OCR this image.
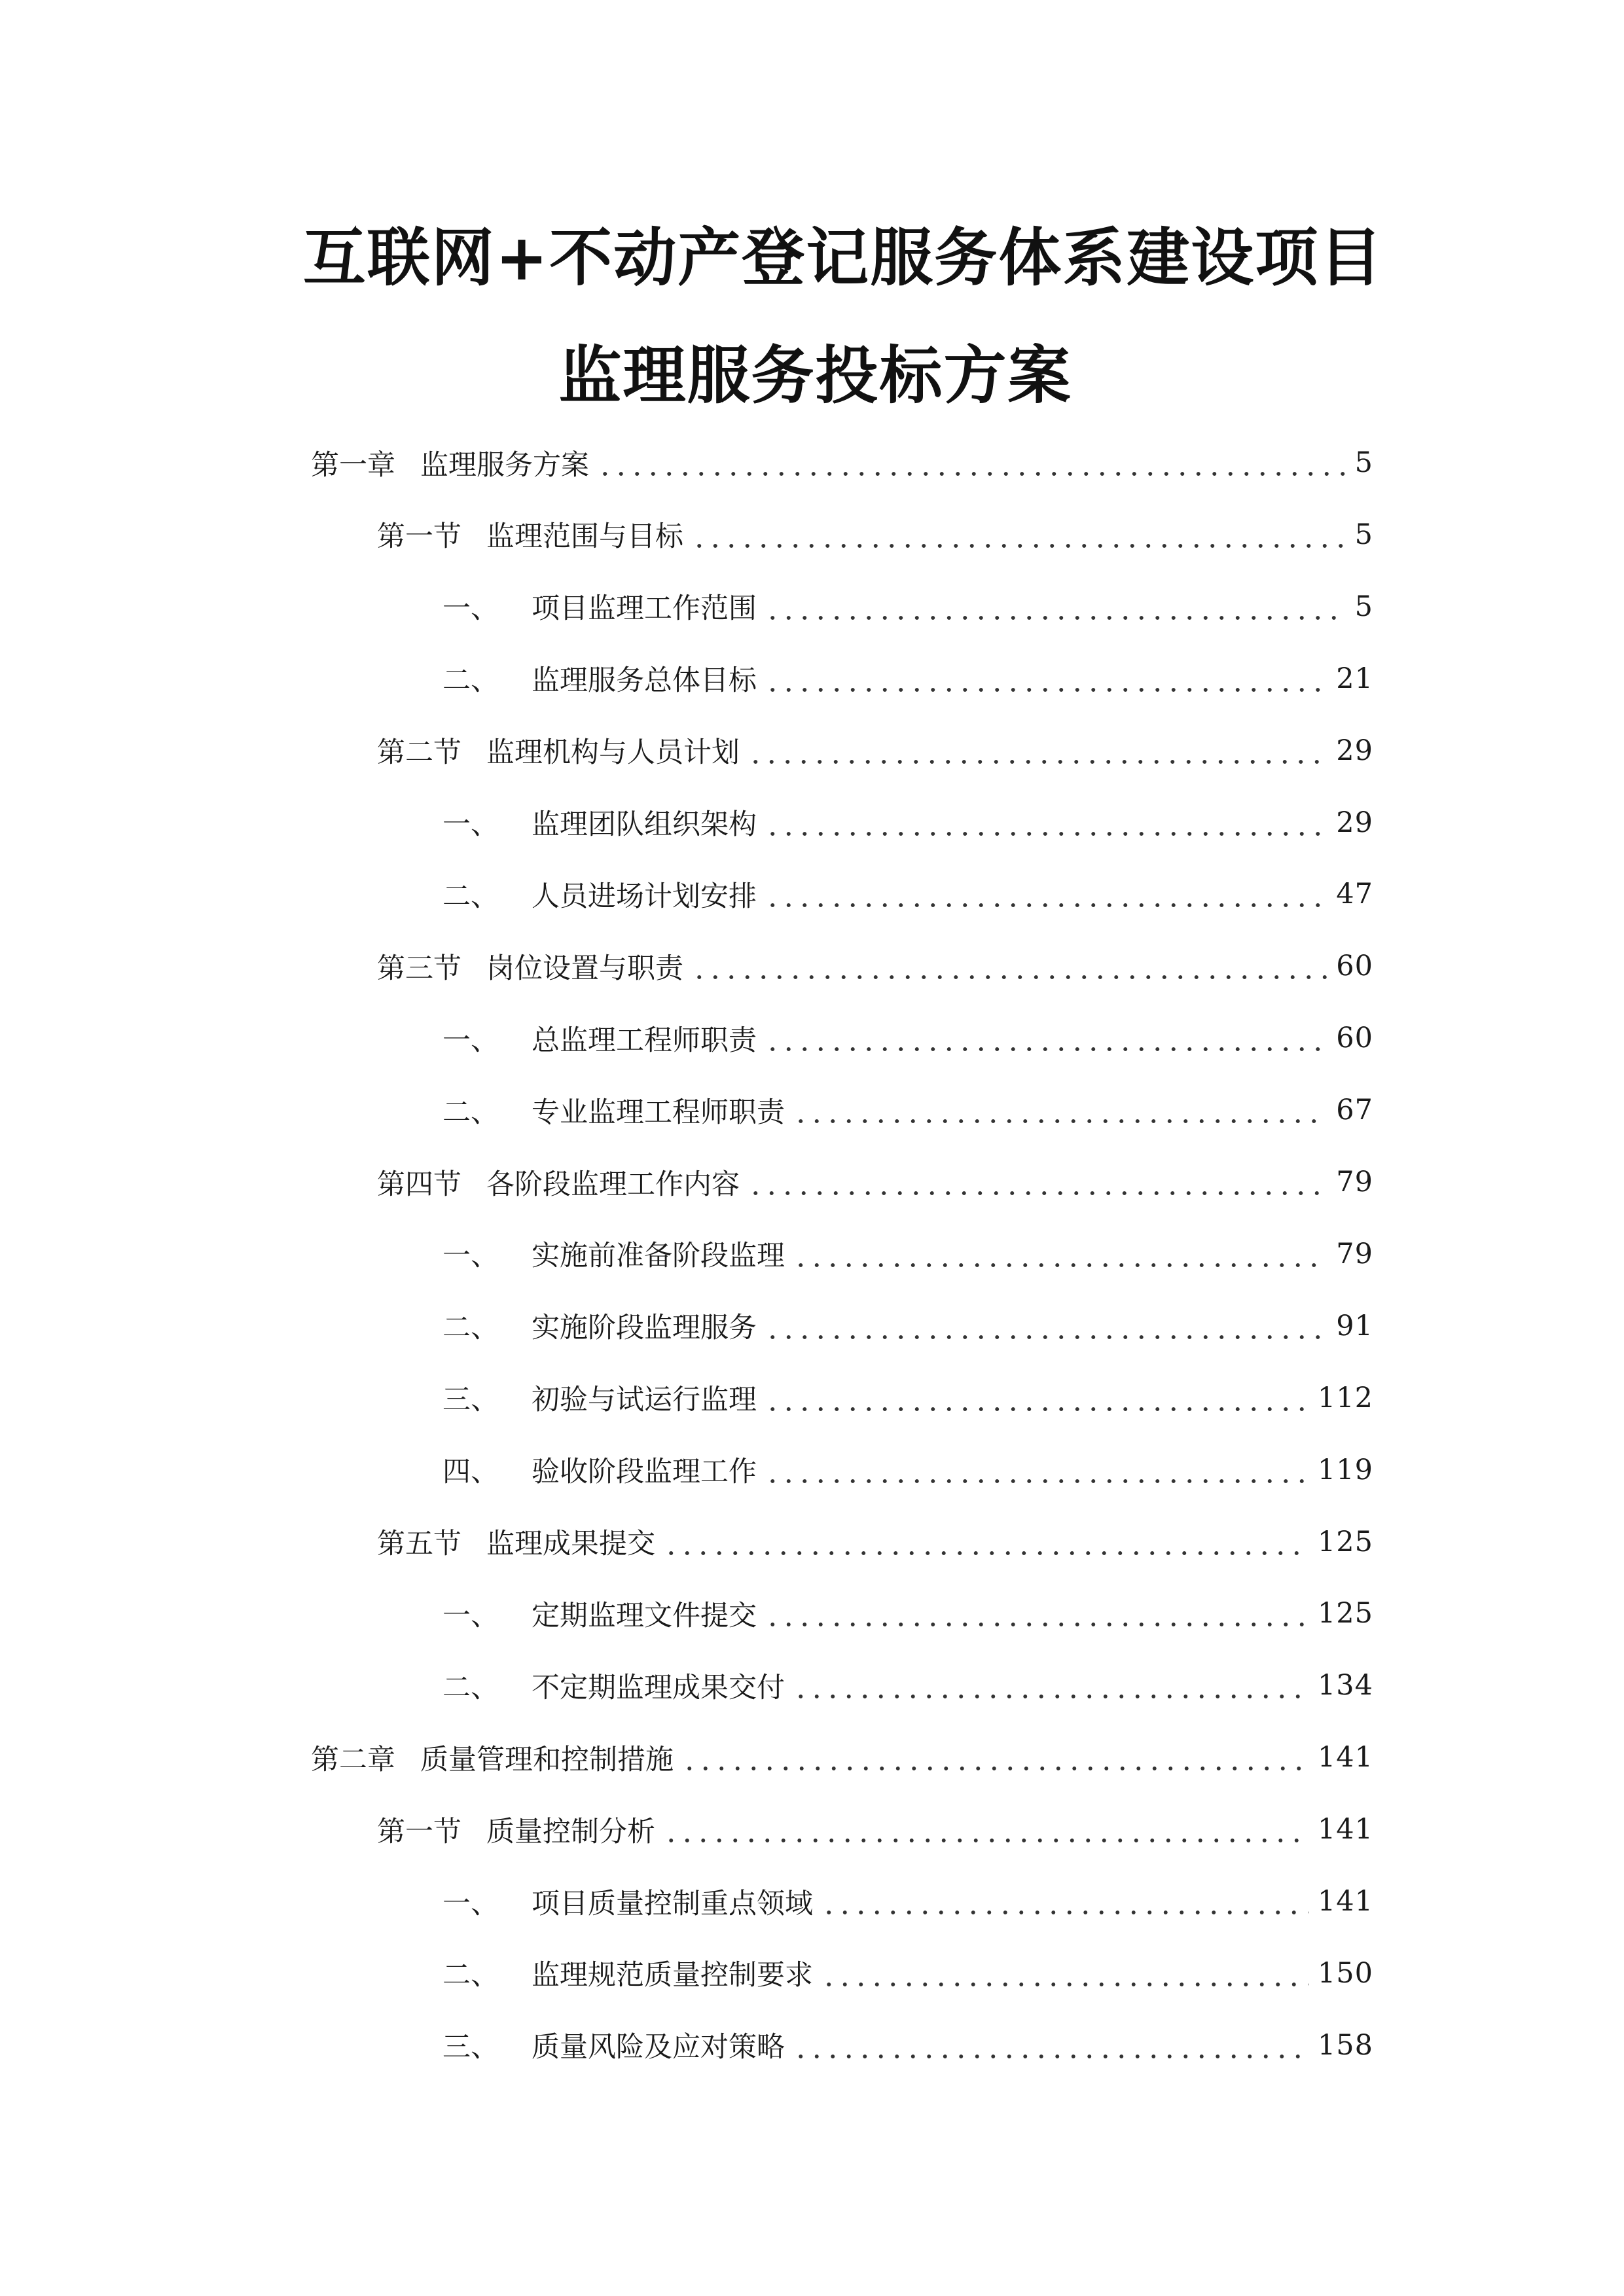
互联网+不动产登记服务体系建设项目
监理服务投标方案
第一章 监理服务方案	5
第一节 监理范围与目标	5
一、 项目监理工作范围	5
二、 监理服务总体目标	21
第二节 监理机构与人员计划	29
一、 监理团队组织架构	29
二、 人员进场计划安排	47
第三节 岗位设置与职责	60
一、 总监理工程师职责	60
二、 专业监理工程师职责	67
第四节 各阶段监理工作内容	79
一、 实施前准备阶段监理	79
二、 实施阶段监理服务	91
三、 初验与试运行监理	112
四、 验收阶段监理工作	119
第五节 监理成果提交	125
一、 定期监理文件提交	125
二、 不定期监理成果交付	134
第二章 质量管理和控制措施	141
第一节 质量控制分析	141
一、 项目质量控制重点领域	141
二、 监理规范质量控制要求	150
三、 质量风险及应对策略	158
